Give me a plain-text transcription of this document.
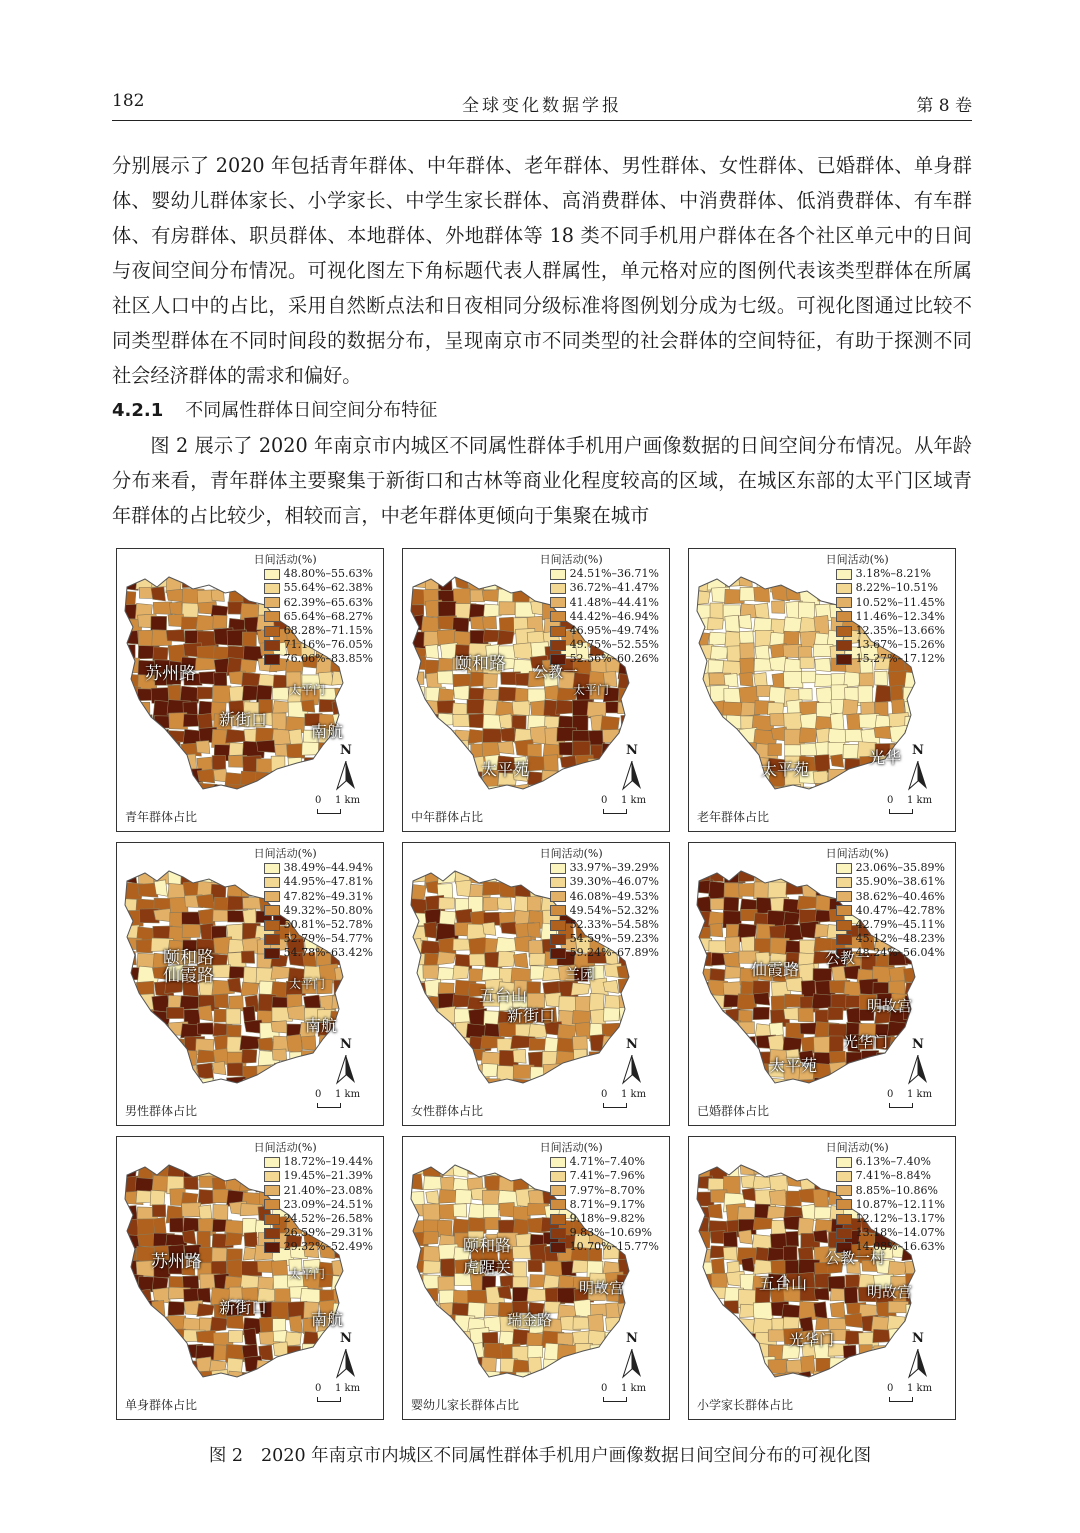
182	全球变化数据学报	第 8 卷

分别展示了 2020 年包括青年群体、中年群体、老年群体、男性群体、女性群体、已婚群体、单身群体、婴幼儿群体家长、小学家长、中学生家长群体、高消费群体、中消费群体、低消费群体、有车群体、有房群体、职员群体、本地群体、外地群体等 18 类不同手机用户群体在各个社区单元中的日间与夜间空间分布情况。可视化图左下角标题代表人群属性，单元格对应的图例代表该类型群体在所属社区人口中的占比，采用自然断点法和日夜相同分级标准将图例划分成为七级。可视化图通过比较不同类型群体在不同时间段的数据分布，呈现南京市不同类型的社会群体的空间特征，有助于探测不同社会经济群体的需求和偏好。

4.2.1 不同属性群体日间空间分布特征

图 2 展示了 2020 年南京市内城区不同属性群体手机用户画像数据的日间空间分布情况。从年龄分布来看，青年群体主要聚集于新街口和古林等商业化程度较高的区域，在城区东部的太平门区域青年群体的占比较少，相较而言，中老年群体更倾向于集聚在城市

日间活动(%)
48.80%–55.63%
55.64%–62.38%
62.39%–65.63%
65.64%–68.27%
68.28%–71.15%
71.16%–76.05%
76.06%–83.85%
苏州路
新街口
太平门
南航
N
0 1 km
青年群体占比
日间活动(%)
24.51%–36.71%
36.72%–41.47%
41.48%–44.41%
44.42%–46.94%
46.95%–49.74%
49.75%–52.55%
52.56%–60.26%
颐和路 公教一
太平门
太平苑
N
0 1 km
中年群体占比
日间活动(%)
3.18%–8.21%
8.22%–10.51%
10.52%–11.45%
11.46%–12.34%
12.35%–13.66%
13.67%–15.26%
15.27%–17.12%
太平苑
光华 N
0 1 km
老年群体占比
日间活动(%)
38.49%–44.94%
44.95%–47.81%
47.82%–49.31%
49.32%–50.80%
50.81%–52.78%
52.79%–54.77%
54.78%–63.42%
颐和路
仙霞路	太平门
南航
N
0 1 km
男性群体占比
日间活动(%)
33.97%–39.29%
39.30%–46.07%
46.08%–49.53%
49.54%–52.32%
52.33%–54.58%
54.59%–59.23%
59.24%–67.89%
五台山
兰园
新街口
N
0 1 km
女性群体占比
日间活动(%)
23.06%–35.89%
35.90%–38.61%
38.62%–40.46%
40.47%–42.78%
42.79%–45.11%
45.12%–48.23%
48.24%–56.04%
仙霞路
公教一
明故宫
光华门
太平苑
N
0 1 km
已婚群体占比
日间活动(%)
18.72%–19.44%
19.45%–21.39%
21.40%–23.08%
23.09%–24.51%
24.52%–26.58%
26.59%–29.31%
29.32%–52.49%
苏州路
太平门
新街口
南航
N
0 1 km
单身群体占比
日间活动(%)
4.71%–7.40%
7.41%–7.96%
7.97%–8.70%
8.71%–9.17%
9.18%–9.82%
9.83%–10.69%
10.70%–15.77%
颐和路
虎踞关
明故宫
瑞金路
N
0 1 km
婴幼儿家长群体占比
日间活动(%)
6.13%–7.40%
7.41%–8.84%
8.85%–10.86%
10.87%–12.11%
12.12%–13.17%
13.18%–14.07%
14.08%–16.63%
公教一村
五台山	明故宫
光华门	N
0 1 km
小学家长群体占比
图 2 2020 年南京市内城区不同属性群体手机用户画像数据日间空间分布的可视化图
